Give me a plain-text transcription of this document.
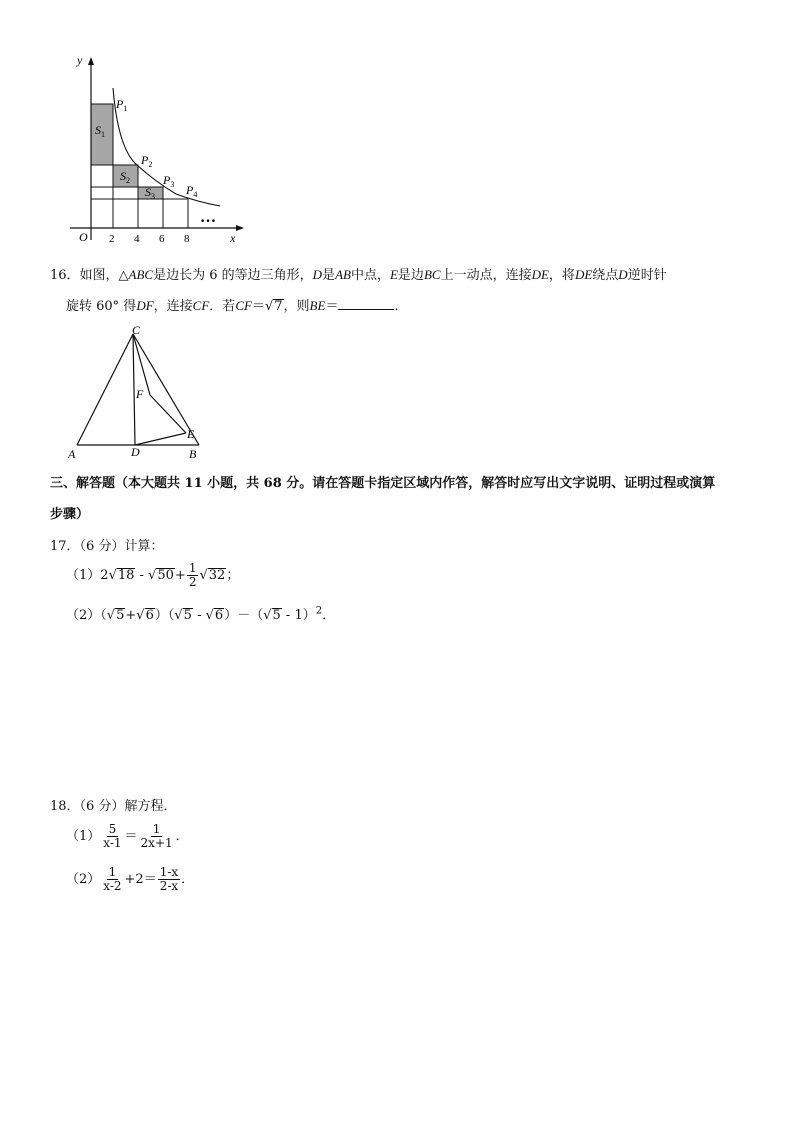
y
x
O 2 4 6 8
$P_1$
$P_2$
$P_3$ $P_4$
$S_1$
$S_2$
$S_3$
…
16．如图，△ABC是边长为 6 的等边三角形，D是AB中点，E是边BC上一动点，连接DE，将DE绕点D逆时针
旋转 60° 得DF，连接CF．若CF＝√7，则BE＝	．
C
A	B
D
E
F
三、解答题（本大题共 11 小题，共 68 分。请在答题卡指定区域内作答，解答时应写出文字说明、证明过程或演算
步骤）
17．（6 分）计算：
$(1)2√18 - √50+ \frac{1}{2} √32$；
（2）（√5+√6）（√5 - √6）－（√5 - 1）$^2$．
18．（6 分）解方程．
$(1) \frac{5}{x-1} = \frac{1}{2x+1}$ ．
$(2) \frac{1}{x-2} +2= \frac{1-x}{2-x}$ ．
